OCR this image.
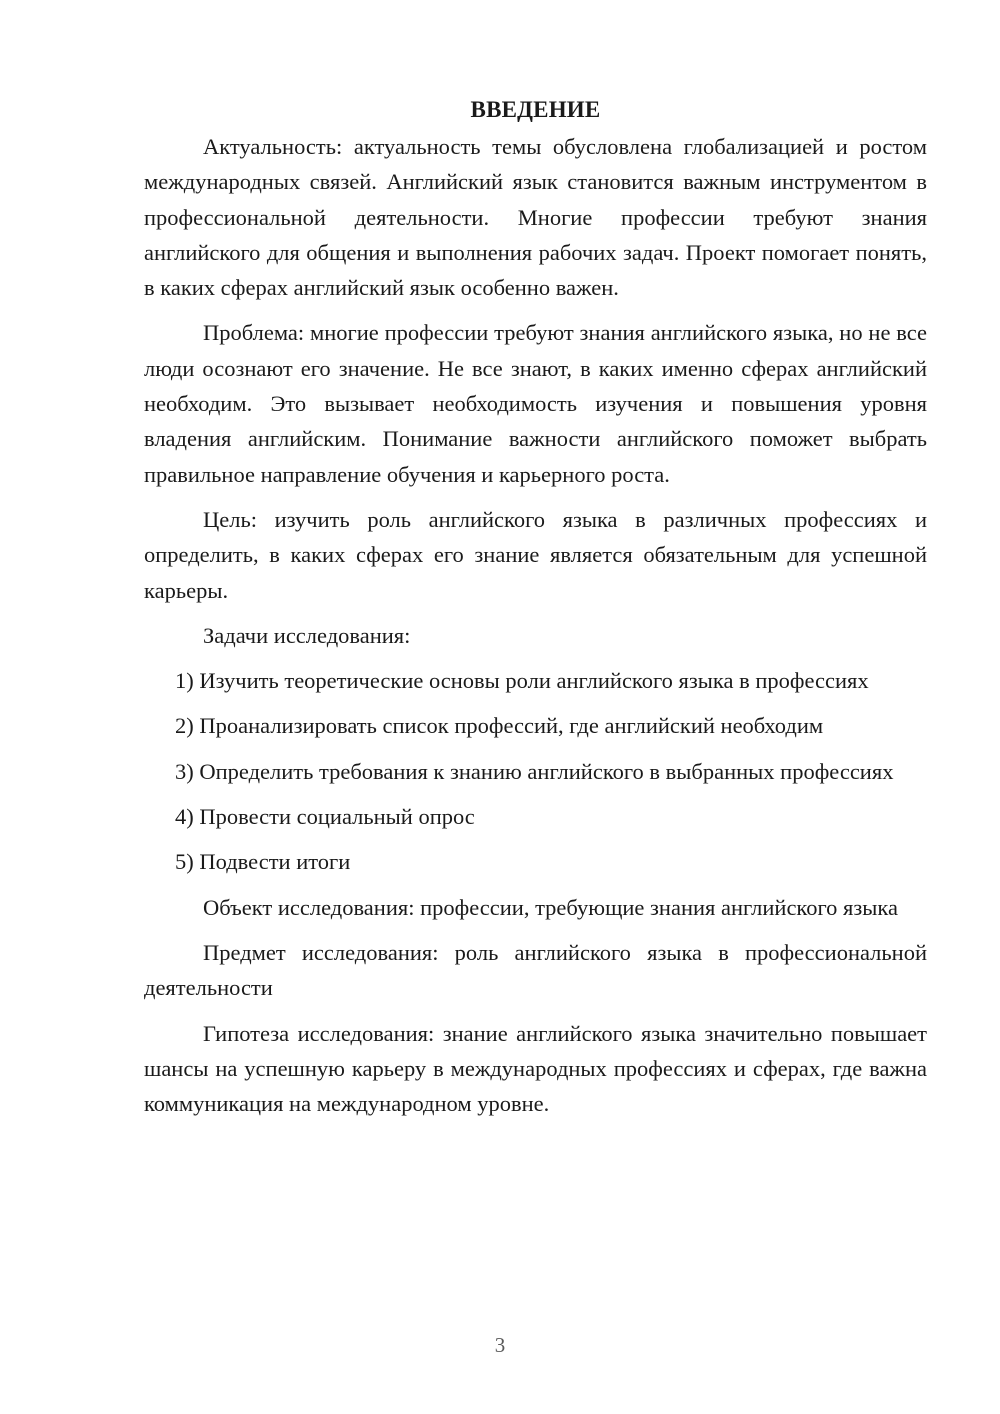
ВВЕДЕНИЕ

Актуальность: актуальность темы обусловлена глобализацией и ростом международных связей. Английский язык становится важным инструментом в профессиональной деятельности. Многие профессии требуют знания английского для общения и выполнения рабочих задач. Проект помогает понять, в каких сферах английский язык особенно важен.

Проблема: многие профессии требуют знания английского языка, но не все люди осознают его значение. Не все знают, в каких именно сферах английский необходим. Это вызывает необходимость изучения и повышения уровня владения английским. Понимание важности английского поможет выбрать правильное направление обучения и карьерного роста.

Цель: изучить роль английского языка в различных профессиях и определить, в каких сферах его знание является обязательным для успешной карьеры.

Задачи исследования:

1) Изучить теоретические основы роли английского языка в профессиях

2) Проанализировать список профессий, где английский необходим

3) Определить требования к знанию английского в выбранных профессиях

4) Провести социальный опрос

5) Подвести итоги

Объект исследования: профессии, требующие знания английского языка

Предмет исследования: роль английского языка в профессиональной деятельности

Гипотеза исследования: знание английского языка значительно повышает шансы на успешную карьеру в международных профессиях и сферах, где важна коммуникация на международном уровне.

3
